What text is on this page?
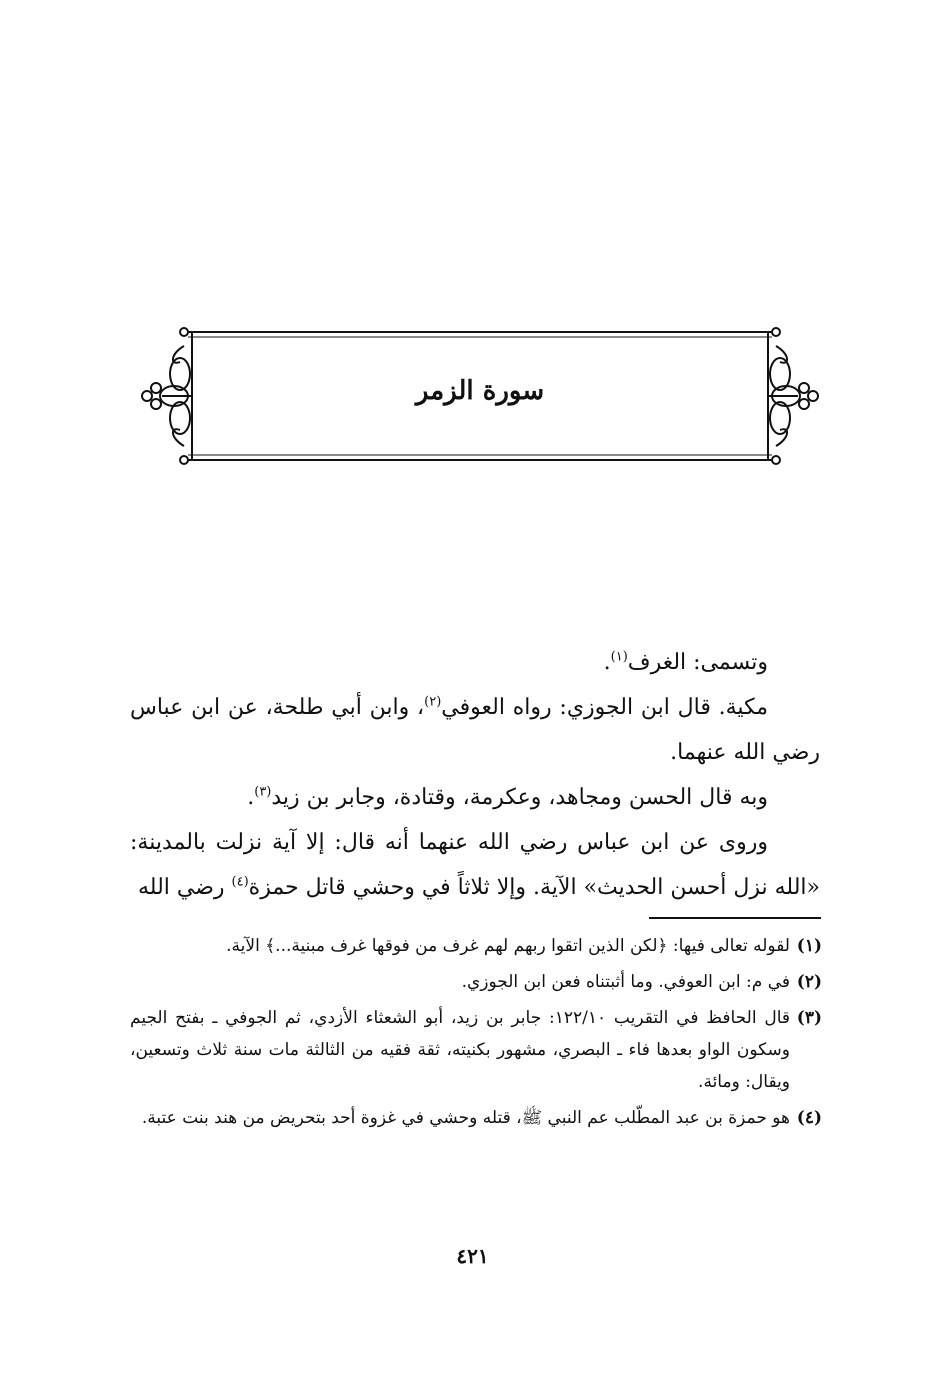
سورة الزمر

وتسمى: الغرف$^{(١)}$.

مكية. قال ابن الجوزي: رواه العوفي$^{(٢)}$، وابن أبي طلحة، عن ابن عباس رضي الله عنهما.

وبه قال الحسن ومجاهد، وعكرمة، وقتادة، وجابر بن زيد$^{(٣)}$.

وروى عن ابن عباس رضي الله عنهما أنه قال: إلا آية نزلت بالمدينة: «الله نزل أحسن الحديث» الآية. وإلا ثلاثاً في وحشي قاتل حمزة$^{(٤)}$ رضي الله

(١)
لقوله تعالى فيها: ﴿لكن الذين اتقوا ربهم لهم غرف من فوقها غرف مبنية...﴾ الآية.
(٢)
في م: ابن العوفي. وما أثبتناه فعن ابن الجوزي.
(٣)
قال الحافظ في التقريب ١٢٢/١٠: جابر بن زيد، أبو الشعثاء الأزدي، ثم الجوفي ـ بفتح الجيم وسكون الواو بعدها فاء ـ البصري، مشهور بكنيته، ثقة فقيه من الثالثة مات سنة ثلاث وتسعين، ويقال: ومائة.
(٤)
هو حمزة بن عبد المطّلب عم النبي ﷺ، قتله وحشي في غزوة أحد بتحريض من هند بنت عتبة.
٤٢١
